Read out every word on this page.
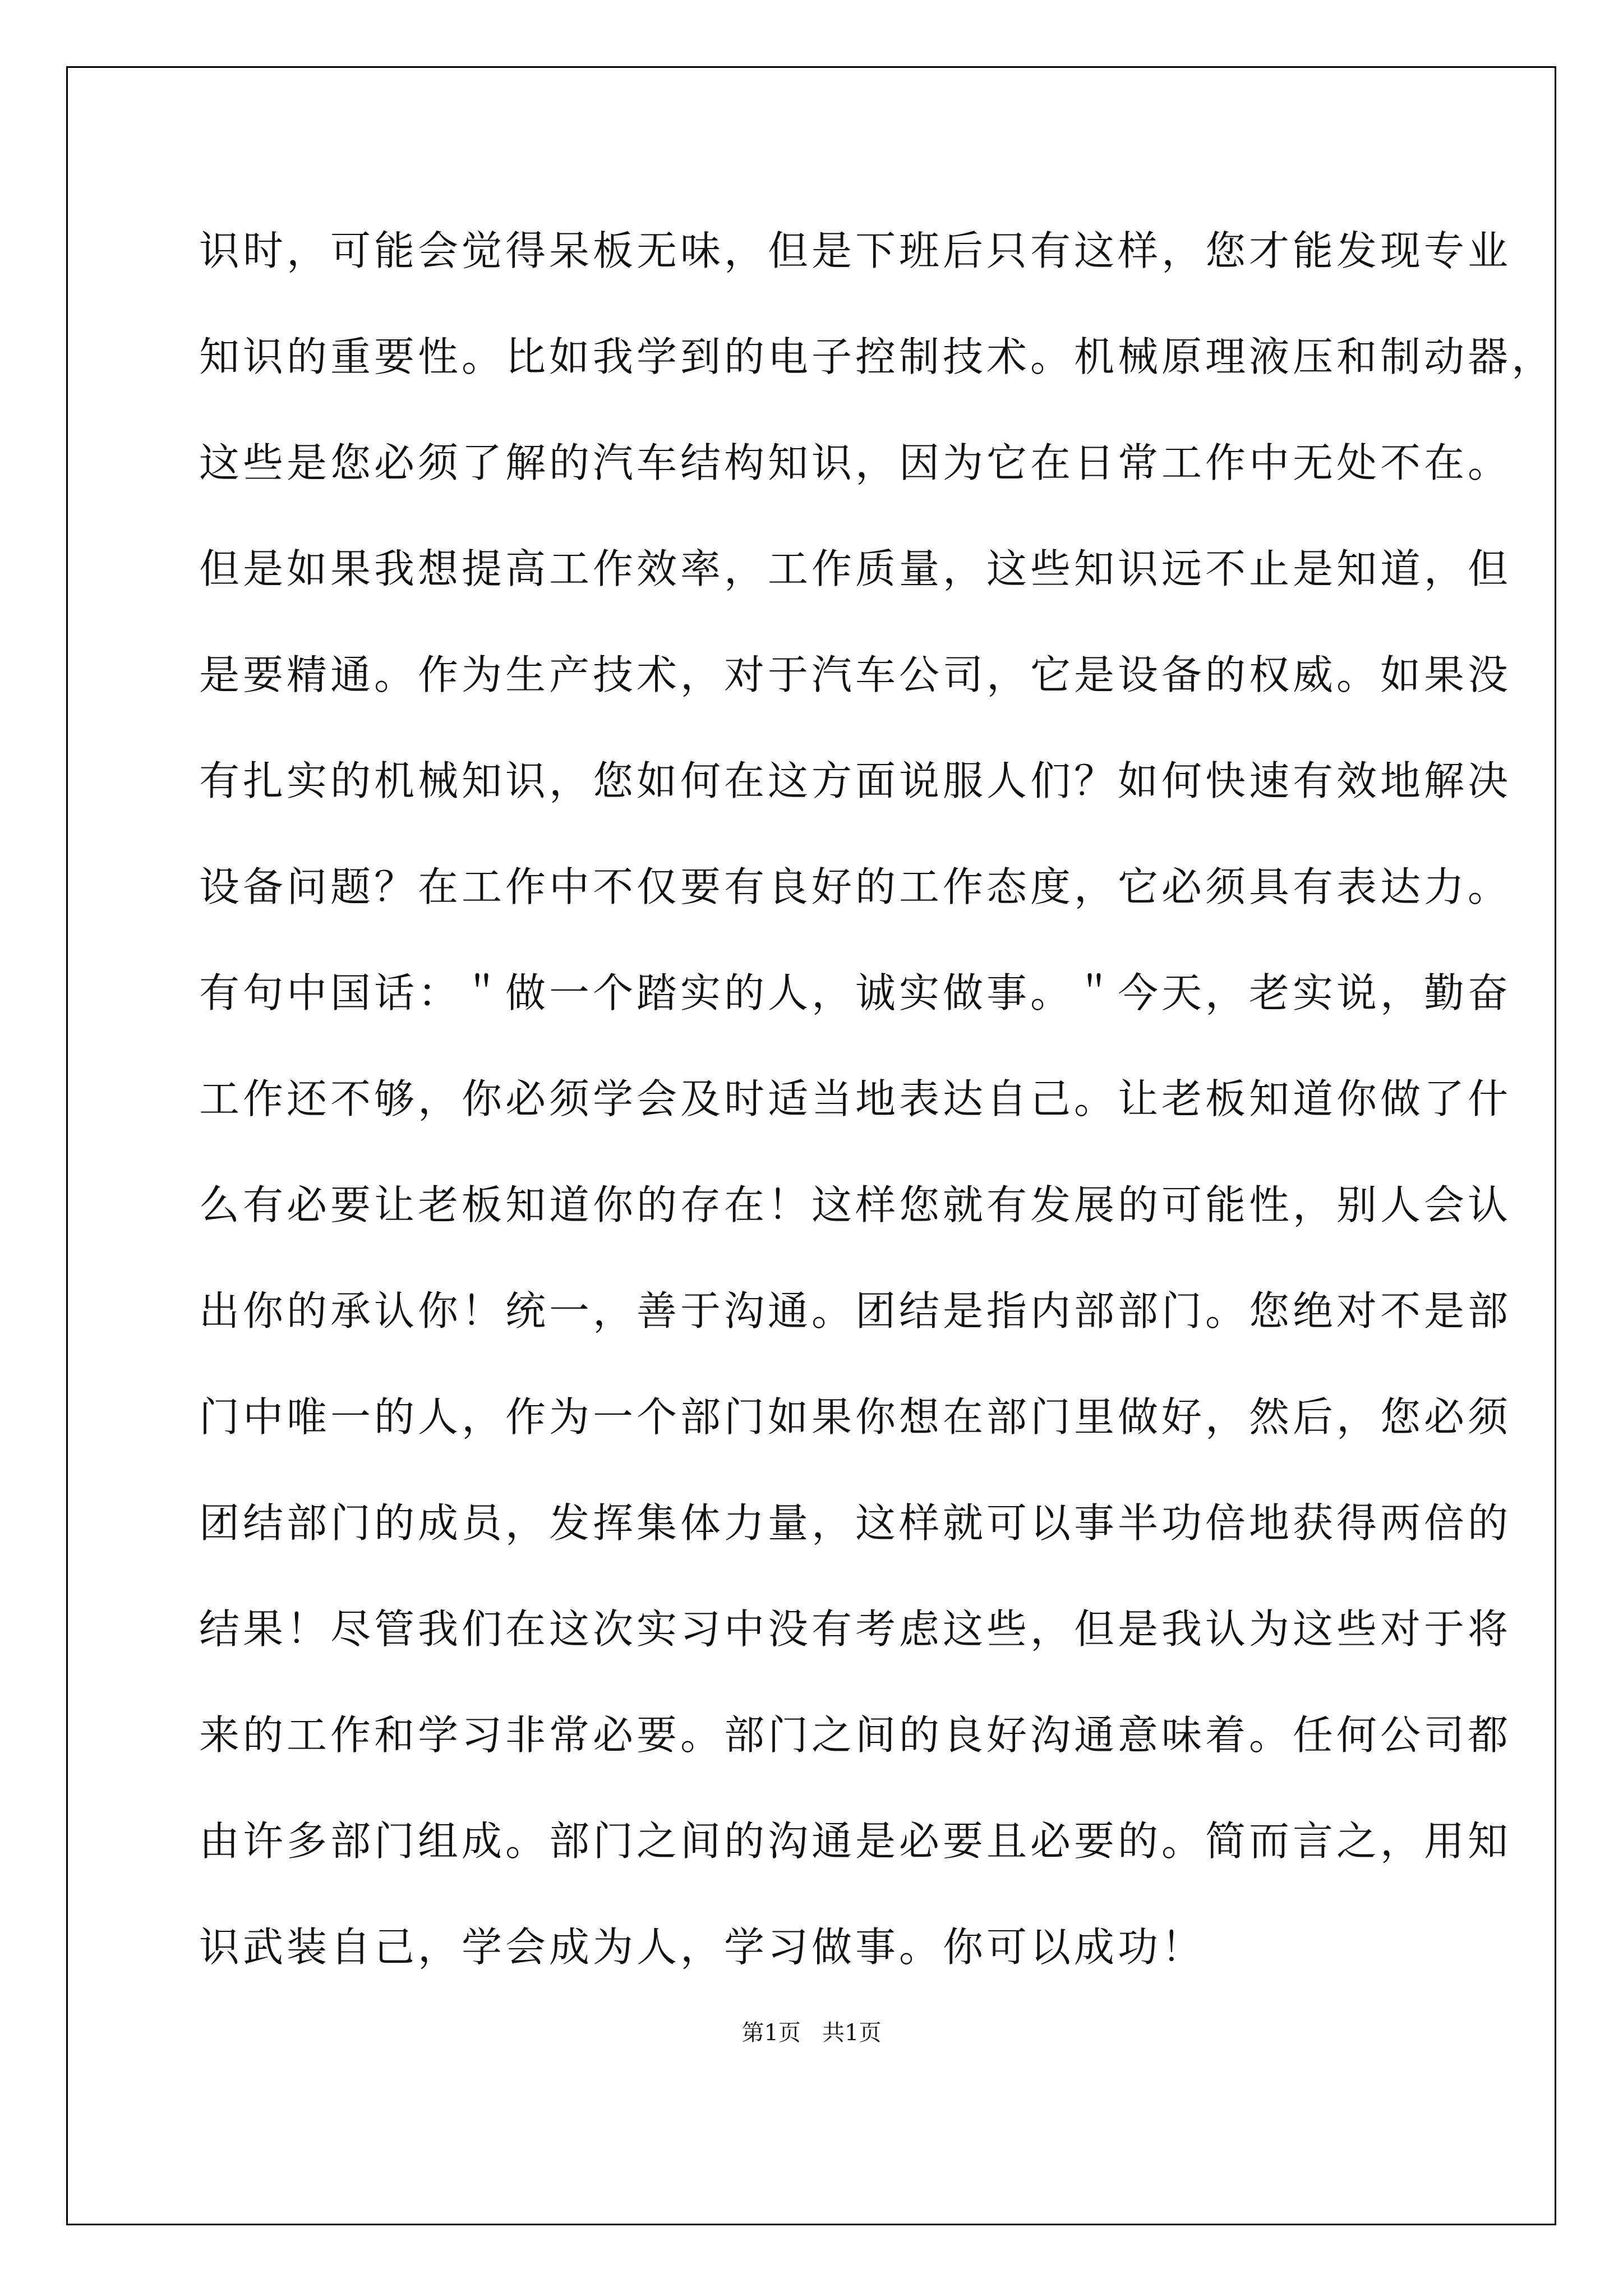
识时，可能会觉得呆板无味，但是下班后只有这样，您才能发现专业
知识的重要性。比如我学到的电子控制技术。机械原理液压和制动器，
这些是您必须了解的汽车结构知识，因为它在日常工作中无处不在。
但是如果我想提高工作效率，工作质量，这些知识远不止是知道，但
是要精通。作为生产技术，对于汽车公司，它是设备的权威。如果没
有扎实的机械知识，您如何在这方面说服人们？如何快速有效地解决
设备问题？在工作中不仅要有良好的工作态度，它必须具有表达力。
有句中国话：＂做一个踏实的人，诚实做事。＂今天，老实说，勤奋
工作还不够，你必须学会及时适当地表达自己。让老板知道你做了什
么有必要让老板知道你的存在！这样您就有发展的可能性，别人会认
出你的承认你！统一，善于沟通。团结是指内部部门。您绝对不是部
门中唯一的人，作为一个部门如果你想在部门里做好，然后，您必须
团结部门的成员，发挥集体力量，这样就可以事半功倍地获得两倍的
结果！尽管我们在这次实习中没有考虑这些，但是我认为这些对于将
来的工作和学习非常必要。部门之间的良好沟通意味着。任何公司都
由许多部门组成。部门之间的沟通是必要且必要的。简而言之，用知
识武装自己，学会成为人，学习做事。你可以成功！
第1页   共1页
